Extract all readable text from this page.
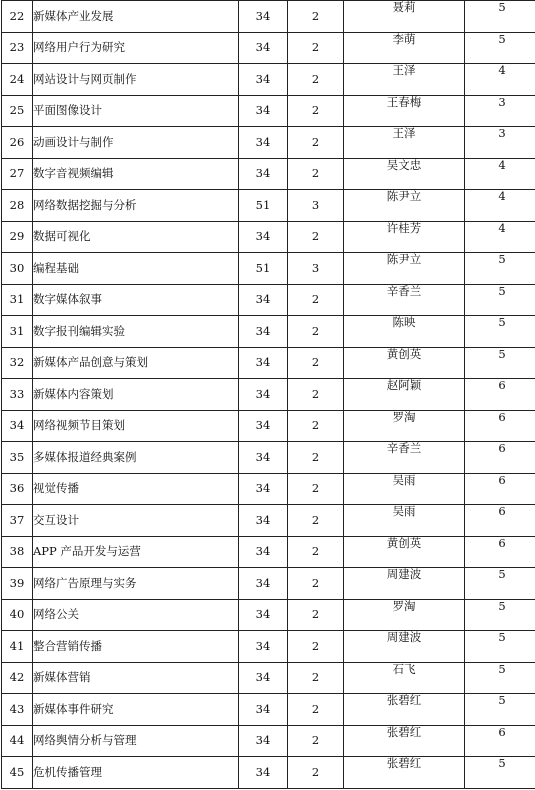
22	新媒体产业发展	34	2	聂莉	5
23	网络用户行为研究	34	2	李萌	5
24	网站设计与网页制作	34	2	王泽	4
25	平面图像设计	34	2	王春梅	3
26	动画设计与制作	34	2	王泽	3
27	数字音视频编辑	34	2	吴文忠	4
28	网络数据挖掘与分析	51	3	陈尹立	4
29	数据可视化	34	2	许桂芳	4
30	编程基础	51	3	陈尹立	5
31	数字媒体叙事	34	2	辛香兰	5
31	数字报刊编辑实验	34	2	陈映	5
32	新媒体产品创意与策划	34	2	黄创英	5
33	新媒体内容策划	34	2	赵阿颖	6
34	网络视频节目策划	34	2	罗淘	6
35	多媒体报道经典案例	34	2	辛香兰	6
36	视觉传播	34	2	吴雨	6
37	交互设计	34	2	吴雨	6
38	APP 产品开发与运营	34	2	黄创英	6
39	网络广告原理与实务	34	2	周建波	5
40	网络公关	34	2	罗淘	5
41	整合营销传播	34	2	周建波	5
42	新媒体营销	34	2	石飞	5
43	新媒体事件研究	34	2	张碧红	5
44	网络舆情分析与管理	34	2	张碧红	6
45	危机传播管理	34	2	张碧红	5
